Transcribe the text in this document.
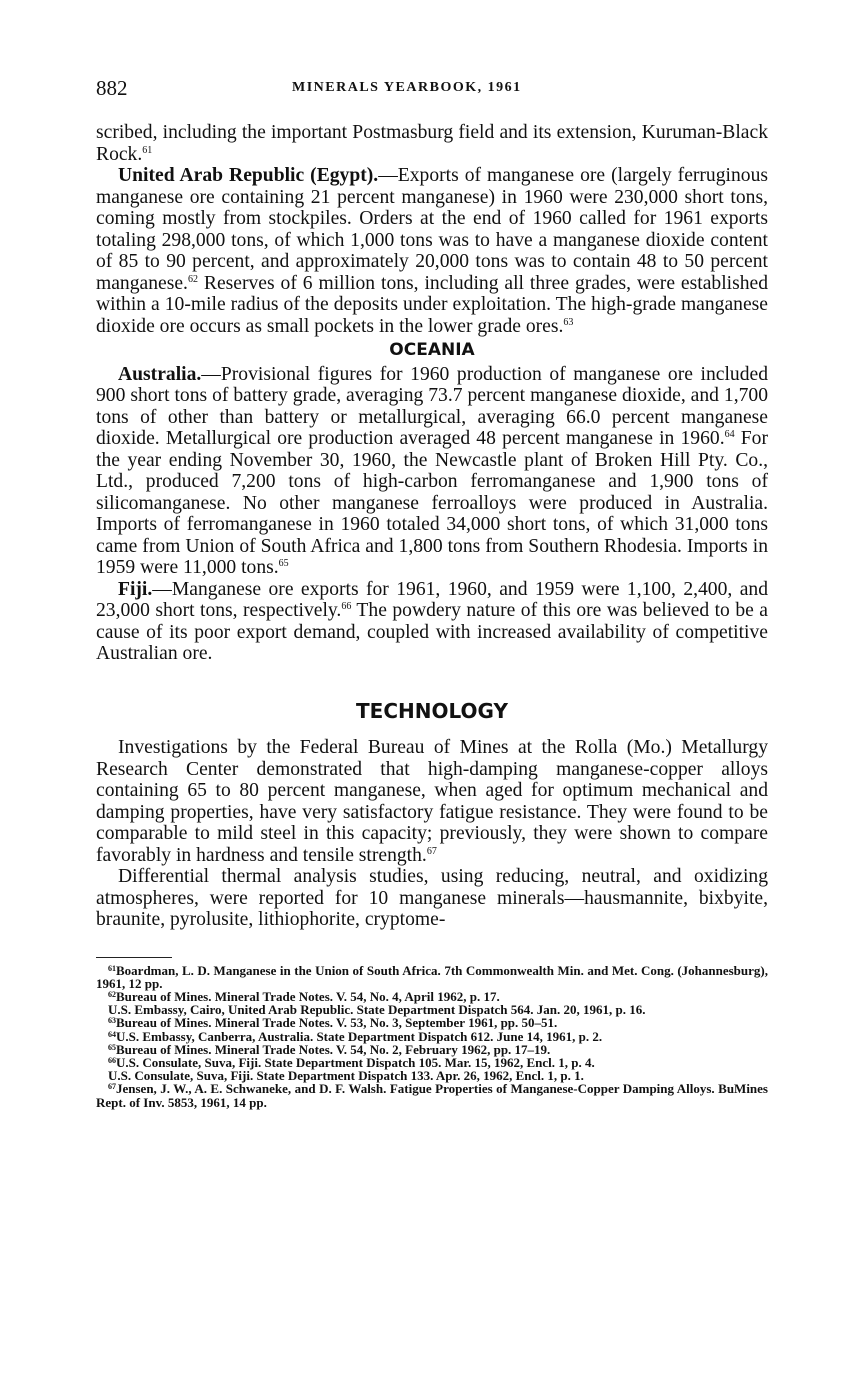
882	MINERALS YEARBOOK, 1961

scribed, including the important Postmasburg field and its extension, Kuruman-Black Rock.$^{61}$

United Arab Republic (Egypt).—Exports of manganese ore (largely ferruginous manganese ore containing 21 percent manganese) in 1960 were 230,000 short tons, coming mostly from stockpiles. Orders at the end of 1960 called for 1961 exports totaling 298,000 tons, of which 1,000 tons was to have a manganese dioxide content of 85 to 90 percent, and approximately 20,000 tons was to contain 48 to 50 percent manganese.$^{62}$ Reserves of 6 million tons, including all three grades, were established within a 10-mile radius of the deposits under exploitation. The high-grade manganese dioxide ore occurs as small pockets in the lower grade ores.$^{63}$

OCEANIA

Australia.—Provisional figures for 1960 production of manganese ore included 900 short tons of battery grade, averaging 73.7 percent manganese dioxide, and 1,700 tons of other than battery or metallurgical, averaging 66.0 percent manganese dioxide. Metallurgical ore production averaged 48 percent manganese in 1960.64 For the year ending November 30, 1960, the Newcastle plant of Broken Hill Pty. Co., Ltd., produced 7,200 tons of high-carbon ferromanganese and 1,900 tons of silicomanganese. No other manganese ferroalloys were produced in Australia. Imports of ferromanganese in 1960 totaled 34,000 short tons, of which 31,000 tons came from Union of South Africa and 1,800 tons from Southern Rhodesia. Imports in 1959 were 11,000 tons.$^{65}$

Fiji.—Manganese ore exports for 1961, 1960, and 1959 were 1,100, 2,400, and 23,000 short tons, respectively.$^{66}$ The powdery nature of this ore was believed to be a cause of its poor export demand, coupled with increased availability of competitive Australian ore.

TECHNOLOGY

Investigations by the Federal Bureau of Mines at the Rolla (Mo.) Metallurgy Research Center demonstrated that high-damping manganese-copper alloys containing 65 to 80 percent manganese, when aged for optimum mechanical and damping properties, have very satisfactory fatigue resistance. They were found to be comparable to mild steel in this capacity; previously, they were shown to compare favorably in hardness and tensile strength.$^{67}$

Differential thermal analysis studies, using reducing, neutral, and oxidizing atmospheres, were reported for 10 manganese minerals—hausmannite, bixbyite, braunite, pyrolusite, lithiophorite, cryptome-

$^{61}$Boardman, L. D. Manganese in the Union of South Africa. 7th Commonwealth Min. and Met. Cong. (Johannesburg), 1961, 12 pp.

$^{62}$Bureau of Mines. Mineral Trade Notes. V. 54, No. 4, April 1962, p. 17.

U.S. Embassy, Cairo, United Arab Republic. State Department Dispatch 564. Jan. 20, 1961, p. 16.

$^{63}$Bureau of Mines. Mineral Trade Notes. V. 53, No. 3, September 1961, pp. 50–51.

$^{64}$U.S. Embassy, Canberra, Australia. State Department Dispatch 612. June 14, 1961, p. 2.

$^{65}$Bureau of Mines. Mineral Trade Notes. V. 54, No. 2, February 1962, pp. 17–19.

$^{66}$U.S. Consulate, Suva, Fiji. State Department Dispatch 105. Mar. 15, 1962, Encl. 1, p. 4.

U.S. Consulate, Suva, Fiji. State Department Dispatch 133. Apr. 26, 1962, Encl. 1, p. 1.

$^{67}$Jensen, J. W., A. E. Schwaneke, and D. F. Walsh. Fatigue Properties of Manganese-Copper Damping Alloys. BuMines Rept. of Inv. 5853, 1961, 14 pp.
